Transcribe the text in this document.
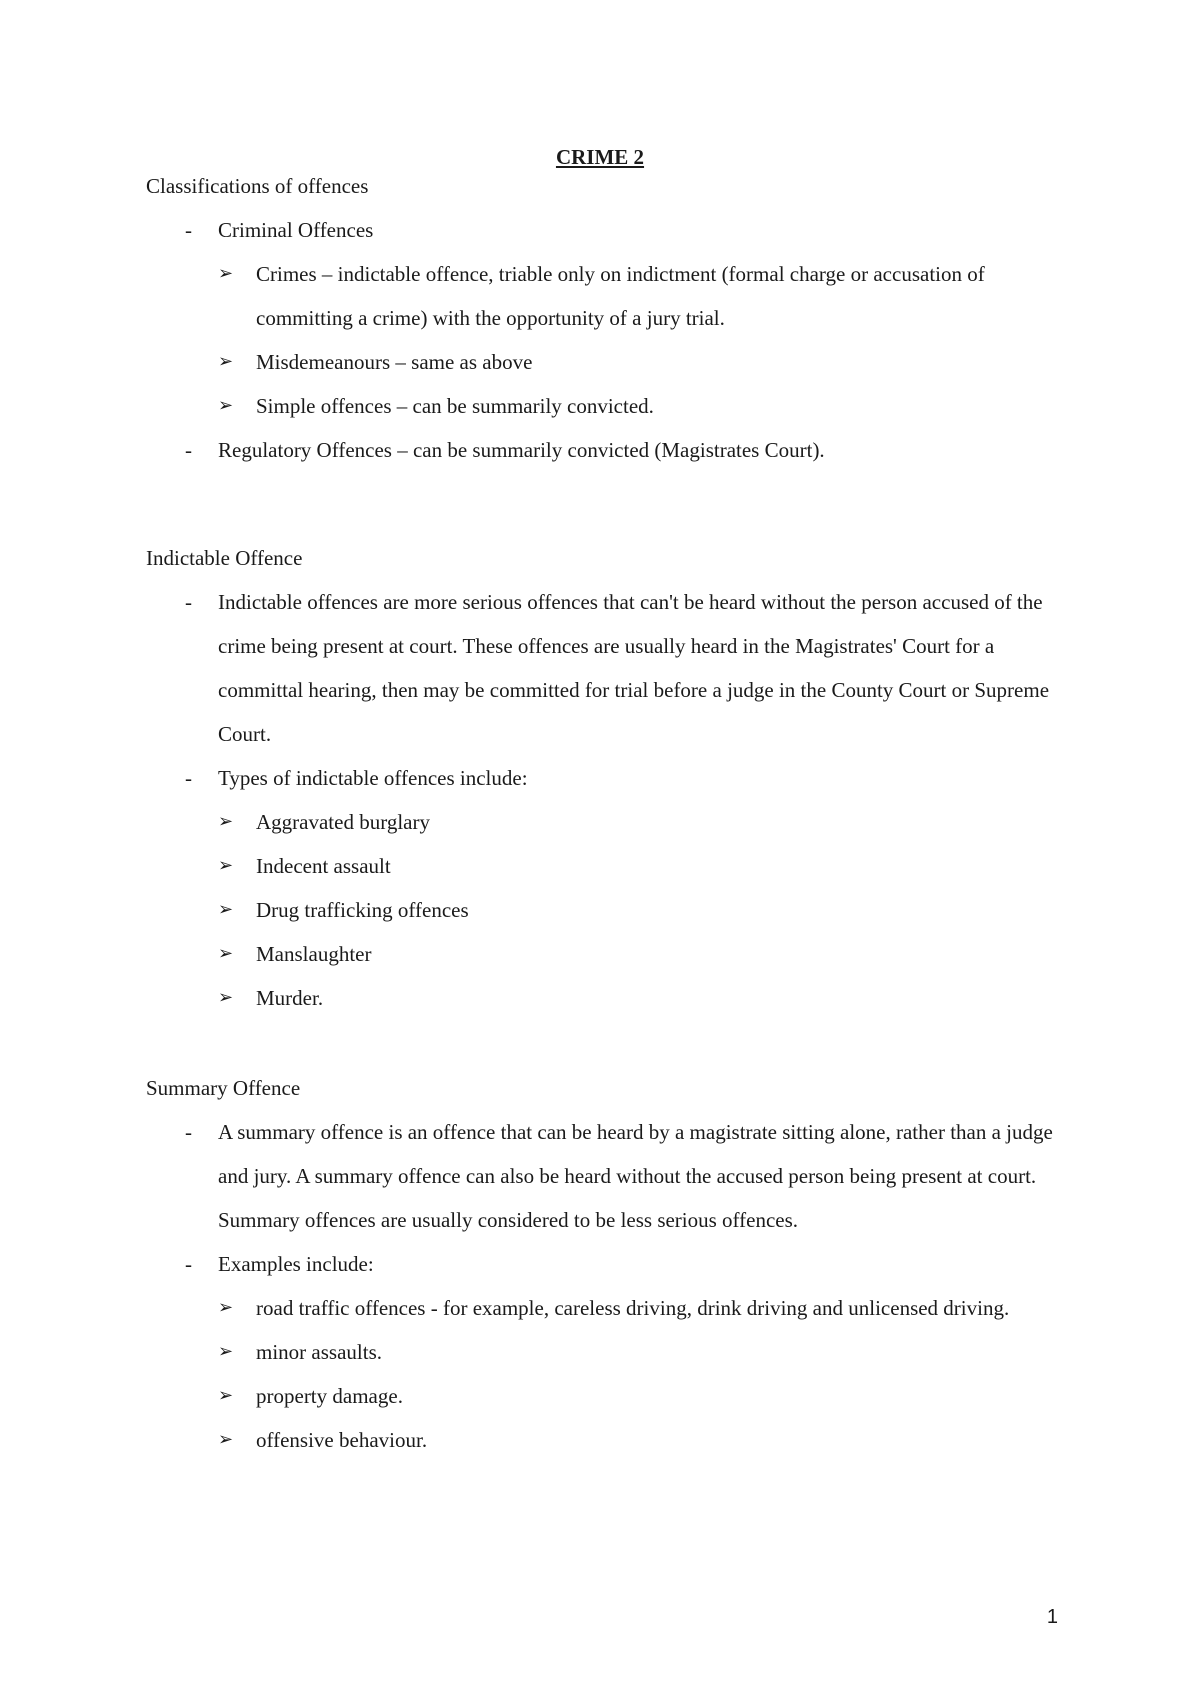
CRIME 2
Classifications of offences
- Criminal Offences
➢ Crimes – indictable offence, triable only on indictment (formal charge or accusation of committing a crime) with the opportunity of a jury trial.
➢ Misdemeanours – same as above
➢ Simple offences – can be summarily convicted.
- Regulatory Offences – can be summarily convicted (Magistrates Court).
Indictable Offence
- Indictable offences are more serious offences that can't be heard without the person accused of the crime being present at court. These offences are usually heard in the Magistrates' Court for a committal hearing, then may be committed for trial before a judge in the County Court or Supreme Court.
- Types of indictable offences include:
➢ Aggravated burglary
➢ Indecent assault
➢ Drug trafficking offences
➢ Manslaughter
➢ Murder.
Summary Offence
- A summary offence is an offence that can be heard by a magistrate sitting alone, rather than a judge and jury. A summary offence can also be heard without the accused person being present at court. Summary offences are usually considered to be less serious offences.
- Examples include:
➢ road traffic offences - for example, careless driving, drink driving and unlicensed driving.
➢ minor assaults.
➢ property damage.
➢ offensive behaviour.
1
